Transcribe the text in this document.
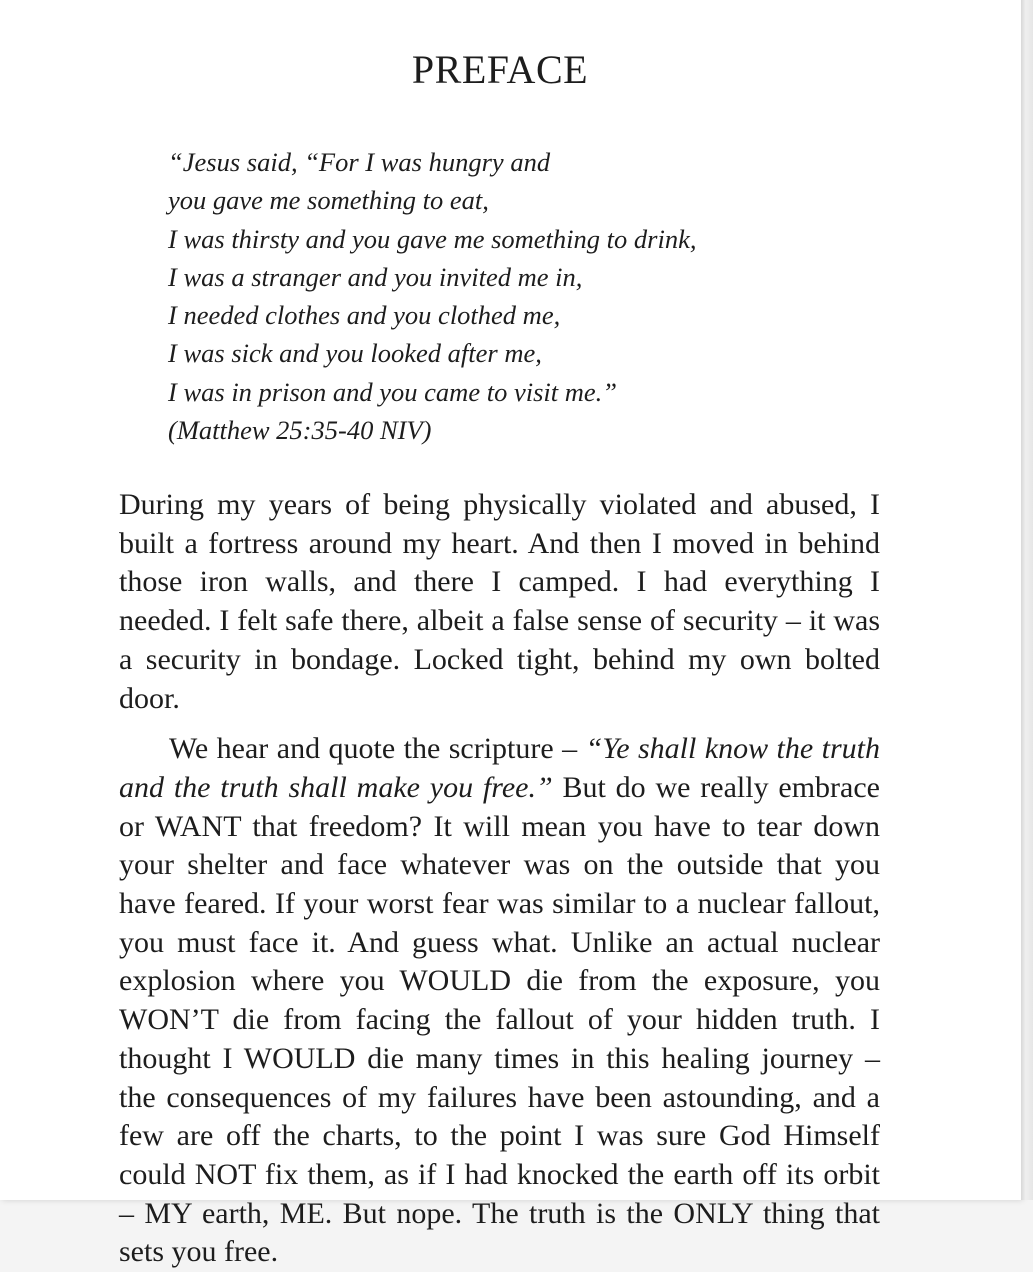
PREFACE
“Jesus said, “For I was hungry and
you gave me something to eat,
I was thirsty and you gave me something to drink,
I was a stranger and you invited me in,
I needed clothes and you clothed me,
I was sick and you looked after me,
I was in prison and you came to visit me.”
(Matthew 25:35-40 NIV)

During my years of being physically violated and abused, I built a fortress around my heart. And then I moved in behind those iron walls, and there I camped. I had everything I needed. I felt safe there, albeit a false sense of security – it was a security in bondage. Locked tight, behind my own bolted door.

We hear and quote the scripture – “Ye shall know the truth and the truth shall make you free.” But do we really embrace or WANT that freedom? It will mean you have to tear down your shelter and face whatever was on the outside that you have feared. If your worst fear was similar to a nuclear fallout, you must face it. And guess what. Unlike an actual nuclear explosion where you WOULD die from the exposure, you WON’T die from facing the fallout of your hidden truth. I thought I WOULD die many times in this healing journey – the consequences of my failures have been astounding, and a few are off the charts, to the point I was sure God Himself could NOT fix them, as if I had knocked the earth off its orbit – MY earth, ME. But nope. The truth is the ONLY thing that sets you free.
